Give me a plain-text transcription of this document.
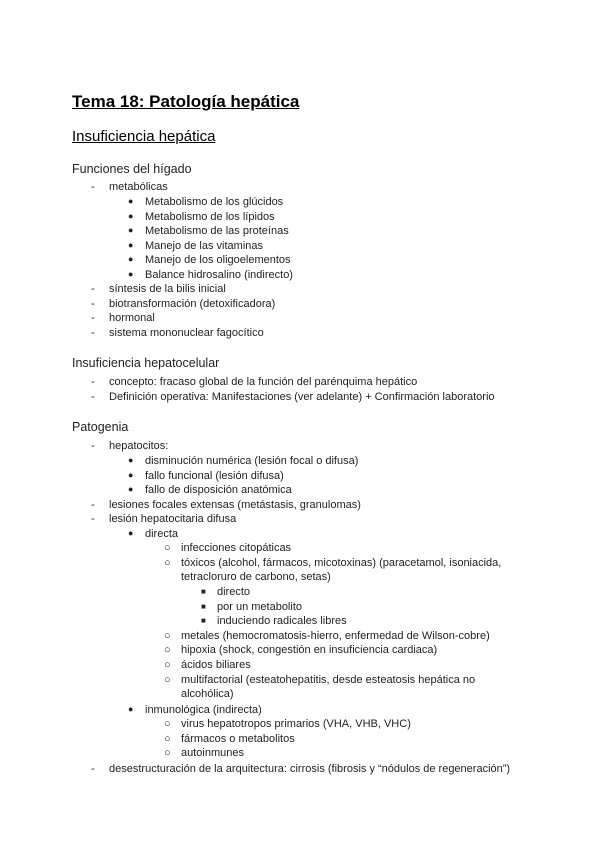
Tema 18: Patología hepática
Insuficiencia hepática
Funciones del hígado
- metabólicas
● Metabolismo de los glúcidos
● Metabolismo de los lípidos
● Metabolismo de las proteínas
● Manejo de las vitaminas
● Manejo de los oligoelementos
● Balance hidrosalino (indirecto)
- síntesis de la bilis inicial
- biotransformación (detoxificadora)
- hormonal
- sistema mononuclear fagocítico
Insuficiencia hepatocelular
- concepto: fracaso global de la función del parénquima hepático
- Definición operativa: Manifestaciones (ver adelante) + Confirmación laboratorio
Patogenia
- hepatocitos:
● disminución numérica (lesión focal o difusa)
● fallo funcional (lesión difusa)
● fallo de disposición anatómica
- lesiones focales extensas (metástasis, granulomas)
- lesión hepatocitaria difusa
● directa
○ infecciones citopáticas
○ tóxicos (alcohol, fármacos, micotoxinas) (paracetamol, isoniacida,
tetracloruro de carbono, setas)
■ directo
■ por un metabolito
■ induciendo radicales libres
○ metales (hemocromatosis-hierro, enfermedad de Wilson-cobre)
○ hipoxia (shock, congestión en insuficiencia cardiaca)
○ ácidos biliares
○ multifactorial (esteatohepatitis, desde esteatosis hepática no
alcohólica)
● inmunológica (indirecta)
○ virus hepatotropos primarios (VHA, VHB, VHC)
○ fármacos o metabolitos
○ autoinmunes
- desestructuración de la arquitectura: cirrosis (fibrosis y “nódulos de regeneración”)
